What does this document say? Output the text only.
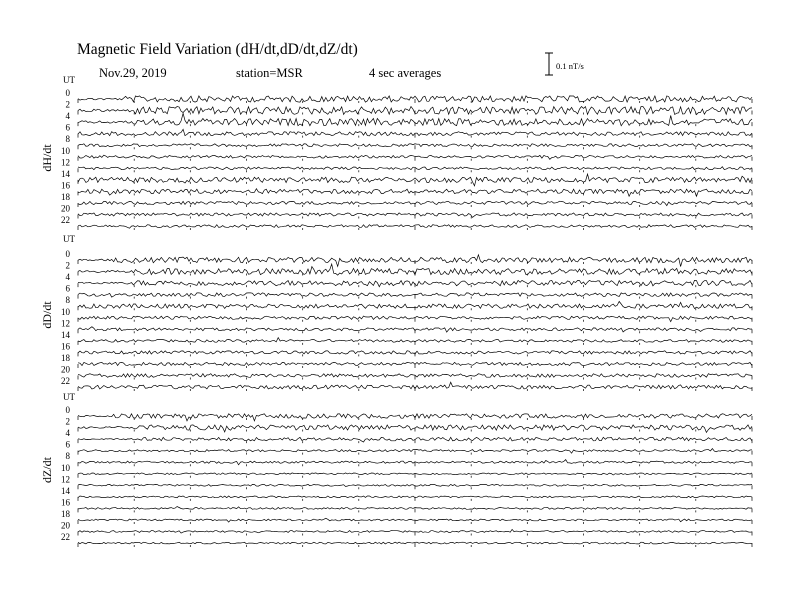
Magnetic Field Variation (dH/dt,dD/dt,dZ/dt)
Nov.29, 2019	station=MSR	4 sec averages	0.1 nT/s
UT
dH/dt
0
2
4
6
8
10
12
14
16
18
20
22
UT
dD/dt
0
2
4
6
8
10
12
14
16
18
20
22
UT
dZ/dt
0
2
4
6
8
10
12
14
16
18
20
22
